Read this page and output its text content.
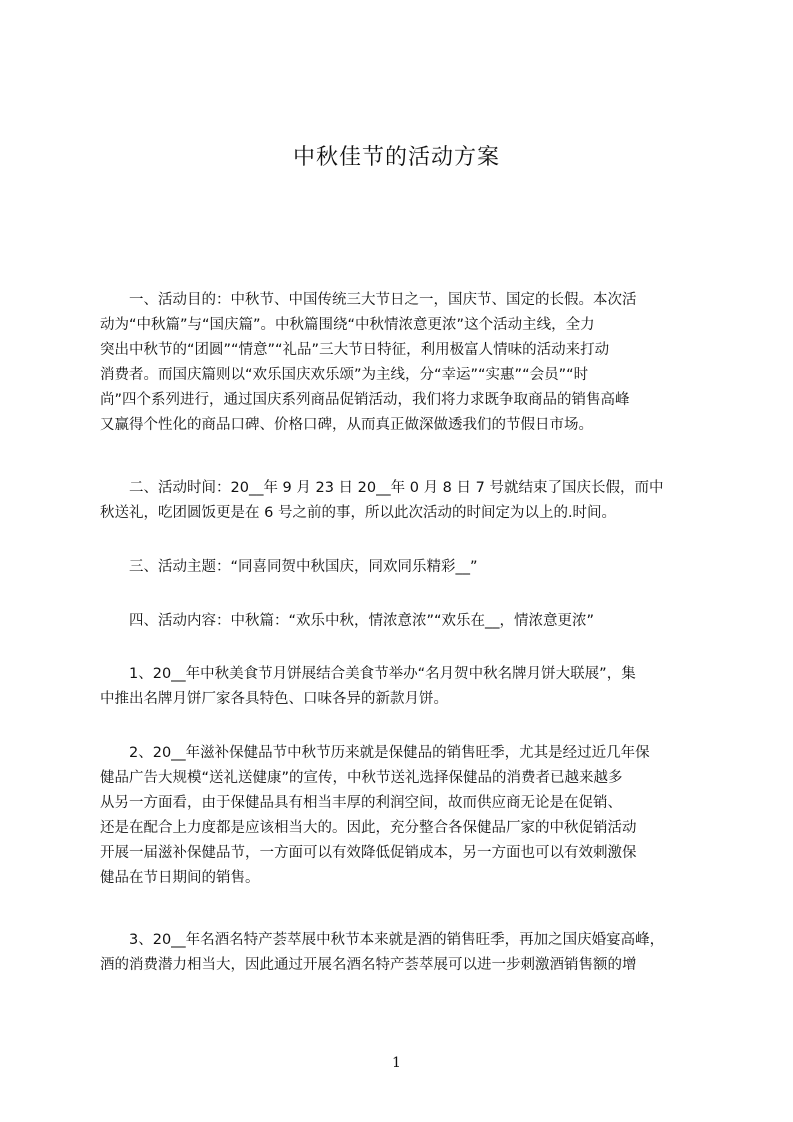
中秋佳节的活动方案
　　一、活动目的：中秋节、中国传统三大节日之一，国庆节、国定的长假。本次活
动为“中秋篇”与“国庆篇”。中秋篇围绕“中秋情浓意更浓”这个活动主线，全力
突出中秋节的“团圆”“情意”“礼品”三大节日特征，利用极富人情味的活动来打动
消费者。而国庆篇则以“欢乐国庆欢乐颂”为主线，分“幸运”“实惠”“会员”“时
尚”四个系列进行，通过国庆系列商品促销活动，我们将力求既争取商品的销售高峰
又赢得个性化的商品口碑、价格口碑，从而真正做深做透我们的节假日市场。
　　二、活动时间：20__年 9 月 23 日 20__年 0 月 8 日 7 号就结束了国庆长假，而中
秋送礼，吃团圆饭更是在 6 号之前的事，所以此次活动的时间定为以上的.时间。
　　三、活动主题：“同喜同贺中秋国庆，同欢同乐精彩__”
　　四、活动内容：中秋篇：“欢乐中秋，情浓意浓”“欢乐在__，情浓意更浓”
　　1、20__年中秋美食节月饼展结合美食节举办“名月贺中秋名牌月饼大联展”，集
中推出名牌月饼厂家各具特色、口味各异的新款月饼。
　　2、20__年滋补保健品节中秋节历来就是保健品的销售旺季，尤其是经过近几年保
健品广告大规模“送礼送健康”的宣传，中秋节送礼选择保健品的消费者已越来越多
从另一方面看，由于保健品具有相当丰厚的利润空间，故而供应商无论是在促销、
还是在配合上力度都是应该相当大的。因此，充分整合各保健品厂家的中秋促销活动
开展一届滋补保健品节，一方面可以有效降低促销成本，另一方面也可以有效刺激保
健品在节日期间的销售。
　　3、20__年名酒名特产荟萃展中秋节本来就是酒的销售旺季，再加之国庆婚宴高峰，
酒的消费潜力相当大，因此通过开展名酒名特产荟萃展可以进一步刺激酒销售额的增
1
